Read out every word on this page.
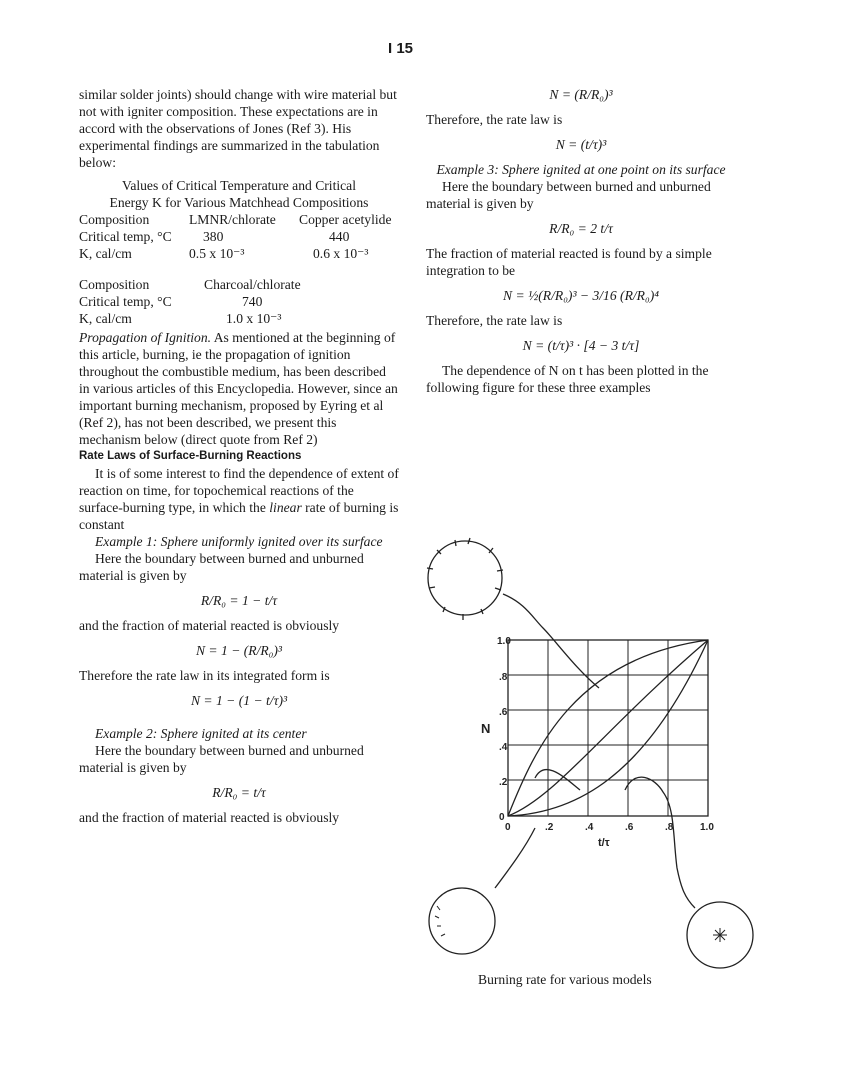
I 15

similar solder joints) should change with wire material but not with igniter composition. These expectations are in accord with the observations of Jones (Ref 3). His experimental findings are summarized in the tabulation below:

Values of Critical Temperature and Critical

Energy K for Various Matchhead Compositions

Composition	LMNR/chlorate	Copper acetylide
Critical temp, °C	380	440
K, cal/cm	0.5 x 10⁻³	0.6 x 10⁻³
Composition	Charcoal/chlorate
Critical temp, °C	740
K, cal/cm	1.0 x 10⁻³

Propagation of Ignition. As mentioned at the beginning of this article, burning, ie the propagation of ignition throughout the combustible medium, has been described in various articles of this Encyclopedia. However, since an important burning mechanism, proposed by Eyring et al (Ref 2), has not been described, we present this mechanism below (direct quote from Ref 2)

Rate Laws of Surface-Burning Reactions

It is of some interest to find the dependence of extent of reaction on time, for topochemical reactions of the surface-burning type, in which the linear rate of burning is constant

Example 1: Sphere uniformly ignited over its surface

Here the boundary between burned and unburned material is given by

R/R₀ = 1 − t/τ

and the fraction of material reacted is obviously

N = 1 − (R/R₀)³

Therefore the rate law in its integrated form is

N = 1 − (1 − t/τ)³

Example 2: Sphere ignited at its center

Here the boundary between burned and unburned material is given by

R/R₀ = t/τ

and the fraction of material reacted is obviously

N = (R/R₀)³

Therefore, the rate law is

N = (t/τ)³

Example 3: Sphere ignited at one point on its surface

Here the boundary between burned and unburned material is given by

R/R₀ = 2 t/τ

The fraction of material reacted is found by a simple integration to be

N = ½(R/R₀)³ − 3/16 (R/R₀)⁴

Therefore, the rate law is

N = (t/τ)³ · [4 − 3 t/τ]

The dependence of N on t has been plotted in the following figure for these three examples

1.0
.8
.6
.4
.2
0
N
0	.2	.4	.6	.8	1.0
t/τ
Burning rate for various models
